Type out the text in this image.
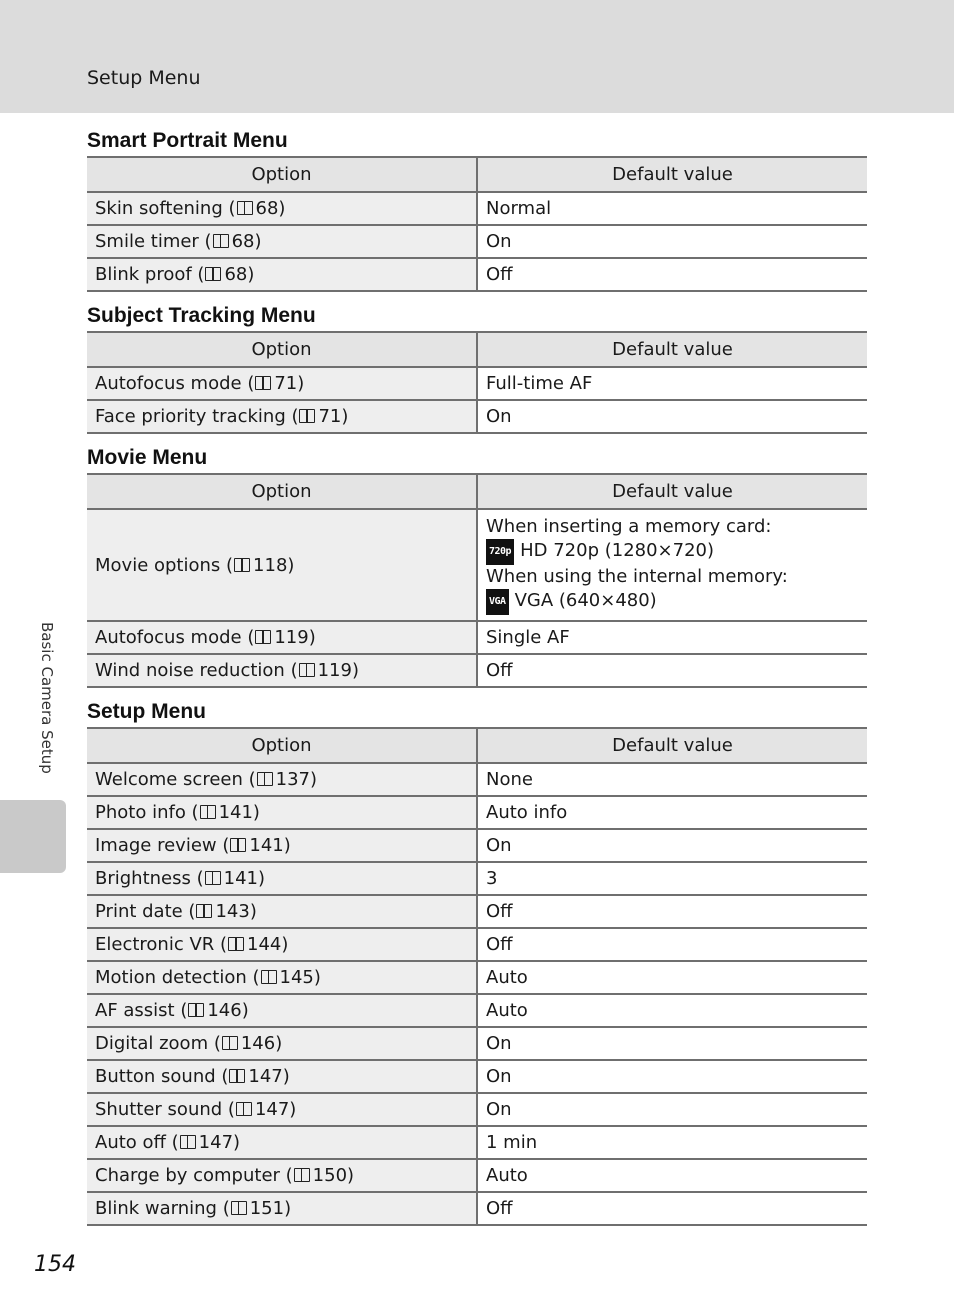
Setup Menu
Basic Camera Setup
Smart Portrait Menu
Option	Default value
Skin softening ( 68)	Normal
Smile timer ( 68)	On
Blink proof ( 68)	Off
Subject Tracking Menu
Option	Default value
Autofocus mode ( 71)	Full-time AF
Face priority tracking ( 71)	On
Movie Menu
Option	Default value
Movie options ( 118)	When inserting a memory card:
720p HD 720p (1280×720)
When using the internal memory:
VGA VGA (640×480)

Autofocus mode ( 119)	Single AF
Wind noise reduction ( 119)	Off
Setup Menu
Option	Default value
Welcome screen ( 137)	None
Photo info ( 141)	Auto info
Image review ( 141)	On
Brightness ( 141)	3
Print date ( 143)	Off
Electronic VR ( 144)	Off
Motion detection ( 145)	Auto
AF assist ( 146)	Auto
Digital zoom ( 146)	On
Button sound ( 147)	On
Shutter sound ( 147)	On
Auto off ( 147)	1 min
Charge by computer ( 150)	Auto
Blink warning ( 151)	Off
154
